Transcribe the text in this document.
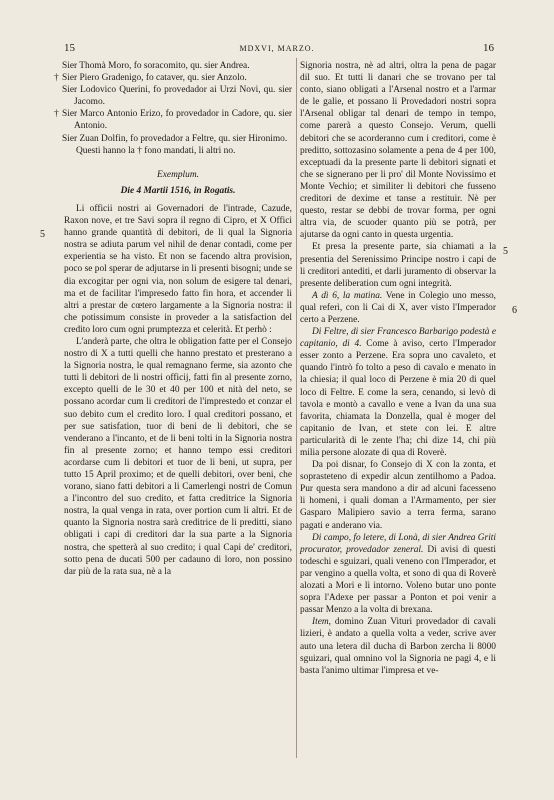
15	MDXVI, MARZO.	16
5
5
6

Sier Thomà Moro, fo soracomito, qu. sier Andrea.

† Sier Piero Gradenigo, fo cataver, qu. sier Anzolo.

Sier Lodovico Querini, fo provedador ai Urzi Novi, qu. sier Jacomo.

† Sier Marco Antonio Erizo, fo provedador in Cadore, qu. sier Antonio.

Sier Zuan Dolfin, fo provedador a Feltre, qu. sier Hironimo.

Questi hanno la † fono mandati, li altri no.

Exemplum.
Die 4 Martii 1516, in Rogatis.

Li officii nostri ai Governadori de l'intrade, Cazude, Raxon nove, et tre Savi sopra il regno di Cipro, et X Offici hanno grande quantità di debitori, de li qual la Signoria nostra se adiuta parum vel nihil de denar contadi, come per experientia se ha visto. Et non se facendo altra provision, poco se pol sperar de adjutarse in li presenti bisogni; unde se dia excogitar per ogni via, non solum de esigere tal denari, ma et de facilitar l'impresedo fatto fin hora, et accender li altri a prestar de cœtero largamente a la Signoria nostra: il che potissimum consiste in proveder a la satisfaction del credito loro cum ogni prumptezza et celerità. Et perhò :

L'anderà parte, che oltra le obligation fatte per el Consejo nostro di X a tutti quelli che hanno prestato et presterano a la Signoria nostra, le qual remagnano ferme, sia azonto che tutti li debitori de li nostri officij, fatti fin al presente zorno, excepto quelli de le 30 et 40 per 100 et nità del neto, se possano acordar cum li creditori de l'imprestedo et conzar el suo debito cum el credito loro. I qual creditori possano, et per sue satisfation, tuor di beni de li debitori, che se venderano a l'incanto, et de li beni tolti in la Signoria nostra fin al presente zorno; et hanno tempo essi creditori acordarse cum li debitori et tuor de li beni, ut supra, per tutto 15 April proximo; et de quelli debitori, over beni, che vorano, siano fatti debitori a li Camerlengi nostri de Comun a l'incontro del suo credito, et fatta creditrice la Signoria nostra, la qual venga in rata, over portion cum li altri. Et de quanto la Signoria nostra sarà creditrice de li preditti, siano obligati i capi di creditori dar la sua parte a la Signoria nostra, che spetterà al suo credito; i qual Capi de' creditori, sotto pena de ducati 500 per cadauno di loro, non possino dar più de la rata sua, nè a la

Signoria nostra, nè ad altri, oltra la pena de pagar dil suo. Et tutti li danari che se trovano per tal conto, siano obligati a l'Arsenal nostro et a l'armar de le galie, et possano li Provedadori nostri sopra l'Arsenal obligar tal denari de tempo in tempo, come parerà a questo Consejo. Verum, quelli debitori che se acorderanno cum i creditori, come è preditto, sottozasino solamente a pena de 4 per 100, exceptuadi da la presente parte li debitori signati et che se signerano per li pro' dil Monte Novissimo et Monte Vechio; et similiter li debitori che fusseno creditori de dexime et tanse a restituir. Nè per questo, restar se debbi de trovar forma, per ogni altra via, de scuoder quanto più se potrà, per ajutarse da ogni canto in questa urgentia.

Et presa la presente parte, sia chiamati a la presentia del Serenissimo Principe nostro i capi de li creditori antediti, et darli juramento di observar la presente deliberation cum ogni integrità.

A dì 6, la matina. Vene in Colegio uno messo, qual referì, con li Cai di X, aver visto l'Imperador certo a Perzene.

Di Feltre, di sier Francesco Barbarigo podestà e capitanio, di 4. Come à aviso, certo l'Imperador esser zonto a Perzene. Era sopra uno cavaleto, et quando l'intrò fo tolto a peso di cavalo e menato in la chiesia; il qual loco di Perzene è mia 20 di quel loco di Feltre. E come la sera, cenando, si levò di tavola e montò a cavallo e vene a Ivan da una sua favorita, chiamata la Donzella, qual è moger del capitanio de Ivan, et stete con lei. E altre particularità di le zente l'ha; chi dize 14, chi più milia persone alozate di qua di Roverè.

Da poi disnar, fo Consejo di X con la zonta, et soprasteteno di expedir alcun zentilhomo a Padoa. Pur questa sera mandono a dir ad alcuni facesseno li homeni, i quali doman a l'Armamento, per sier Gasparo Malipiero savio a terra ferma, sarano pagati e anderano via.

Di campo, fo letere, di Lonà, di sier Andrea Griti procurator, provedador zeneral. Di avisi di questi todeschi e sguizari, quali veneno con l'Imperador, et par vengino a quella volta, et sono di qua di Roverè alozati a Mori e lì intorno. Voleno butar uno ponte sopra l'Adexe per passar a Ponton et poi venir a passar Menzo a la volta di brexana.

Item, domino Zuan Vituri provedador di cavali lizieri, è andato a quella volta a veder, scrive aver auto una letera dil ducha di Barbon zercha li 8000 sguizari, qual omnino vol la Signoria ne pagi 4, e li basta l'animo ultimar l'impresa et ve-
